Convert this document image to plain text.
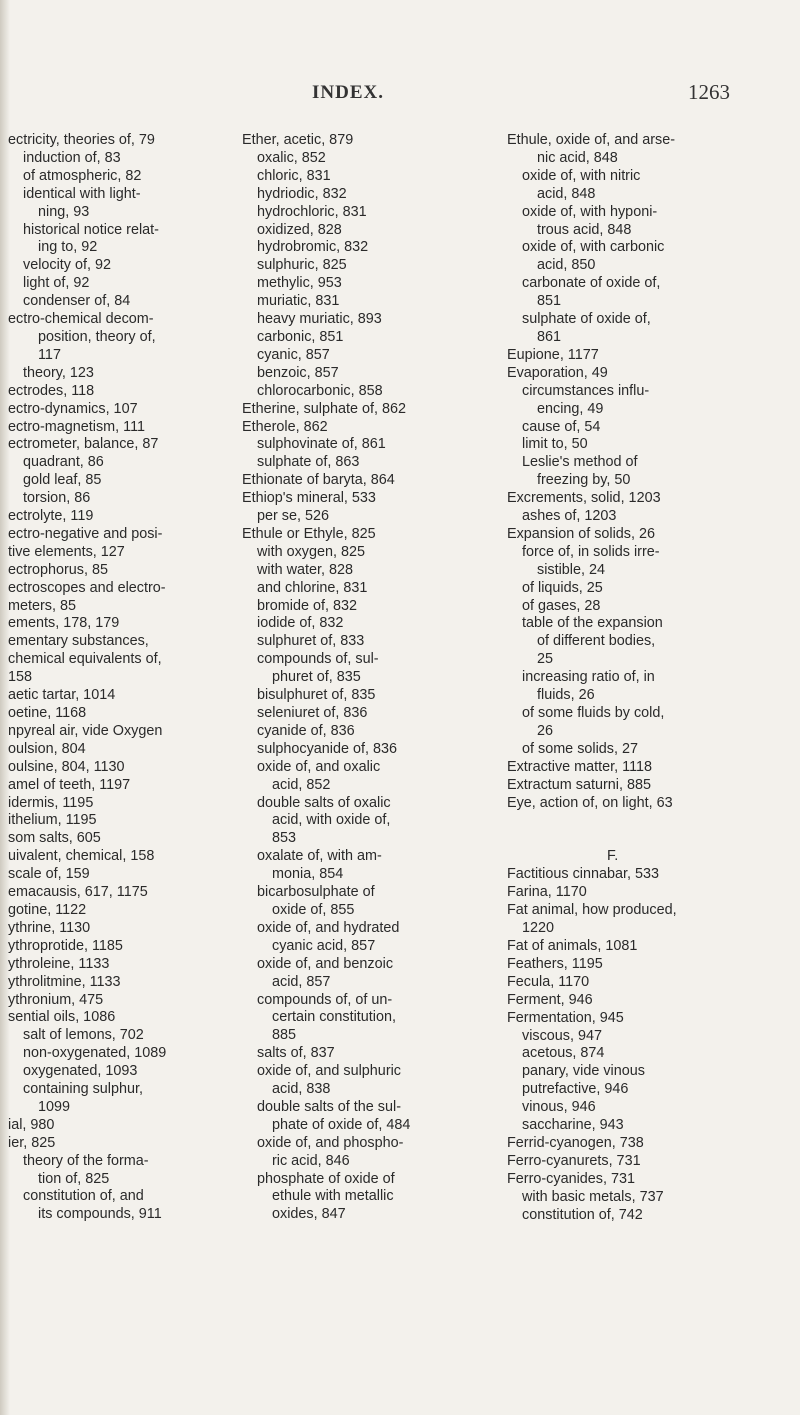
INDEX.	1263
ectricity, theories of, 79
induction of, 83
of atmospheric, 82
identical with light-
ning, 93
historical notice relat-
ing to, 92
velocity of, 92
light of, 92
condenser of, 84
ectro-chemical decom-
position, theory of,
117
theory, 123
ectrodes, 118
ectro-dynamics, 107
ectro-magnetism, 111
ectrometer, balance, 87
quadrant, 86
gold leaf, 85
torsion, 86
ectrolyte, 119
ectro-negative and posi-
tive elements, 127
ectrophorus, 85
ectroscopes and electro-
meters, 85
ements, 178, 179
ementary substances,
chemical equivalents of,
158
aetic tartar, 1014
oetine, 1168
npyreal air, vide Oxygen
oulsion, 804
oulsine, 804, 1130
amel of teeth, 1197
idermis, 1195
ithelium, 1195
som salts, 605
uivalent, chemical, 158
scale of, 159
emacausis, 617, 1175
gotine, 1122
ythrine, 1130
ythroprotide, 1185
ythroleine, 1133
ythrolitmine, 1133
ythronium, 475
sential oils, 1086
salt of lemons, 702
non-oxygenated, 1089
oxygenated, 1093
containing sulphur,
1099
ial, 980
ier, 825
theory of the forma-
tion of, 825
constitution of, and
its compounds, 911
Ether, acetic, 879
oxalic, 852
chloric, 831
hydriodic, 832
hydrochloric, 831
oxidized, 828
hydrobromic, 832
sulphuric, 825
methylic, 953
muriatic, 831
heavy muriatic, 893
carbonic, 851
cyanic, 857
benzoic, 857
chlorocarbonic, 858
Etherine, sulphate of, 862
Etherole, 862
sulphovinate of, 861
sulphate of, 863
Ethionate of baryta, 864
Ethiop's mineral, 533
per se, 526
Ethule or Ethyle, 825
with oxygen, 825
with water, 828
and chlorine, 831
bromide of, 832
iodide of, 832
sulphuret of, 833
compounds of, sul-
phuret of, 835
bisulphuret of, 835
seleniuret of, 836
cyanide of, 836
sulphocyanide of, 836
oxide of, and oxalic
acid, 852
double salts of oxalic
acid, with oxide of,
853
oxalate of, with am-
monia, 854
bicarbosulphate of
oxide of, 855
oxide of, and hydrated
cyanic acid, 857
oxide of, and benzoic
acid, 857
compounds of, of un-
certain constitution,
885
salts of, 837
oxide of, and sulphuric
acid, 838
double salts of the sul-
phate of oxide of, 484
oxide of, and phospho-
ric acid, 846
phosphate of oxide of
ethule with metallic
oxides, 847
Ethule, oxide of, and arse-
nic acid, 848
oxide of, with nitric
acid, 848
oxide of, with hyponi-
trous acid, 848
oxide of, with carbonic
acid, 850
carbonate of oxide of,
851
sulphate of oxide of,
861
Eupione, 1177
Evaporation, 49
circumstances influ-
encing, 49
cause of, 54
limit to, 50
Leslie's method of
freezing by, 50
Excrements, solid, 1203
ashes of, 1203
Expansion of solids, 26
force of, in solids irre-
sistible, 24
of liquids, 25
of gases, 28
table of the expansion
of different bodies,
25
increasing ratio of, in
fluids, 26
of some fluids by cold,
26
of some solids, 27
Extractive matter, 1118
Extractum saturni, 885
Eye, action of, on light, 63
F.
Factitious cinnabar, 533
Farina, 1170
Fat animal, how produced,
1220
Fat of animals, 1081
Feathers, 1195
Fecula, 1170
Ferment, 946
Fermentation, 945
viscous, 947
acetous, 874
panary, vide vinous
putrefactive, 946
vinous, 946
saccharine, 943
Ferrid-cyanogen, 738
Ferro-cyanurets, 731
Ferro-cyanides, 731
with basic metals, 737
constitution of, 742
